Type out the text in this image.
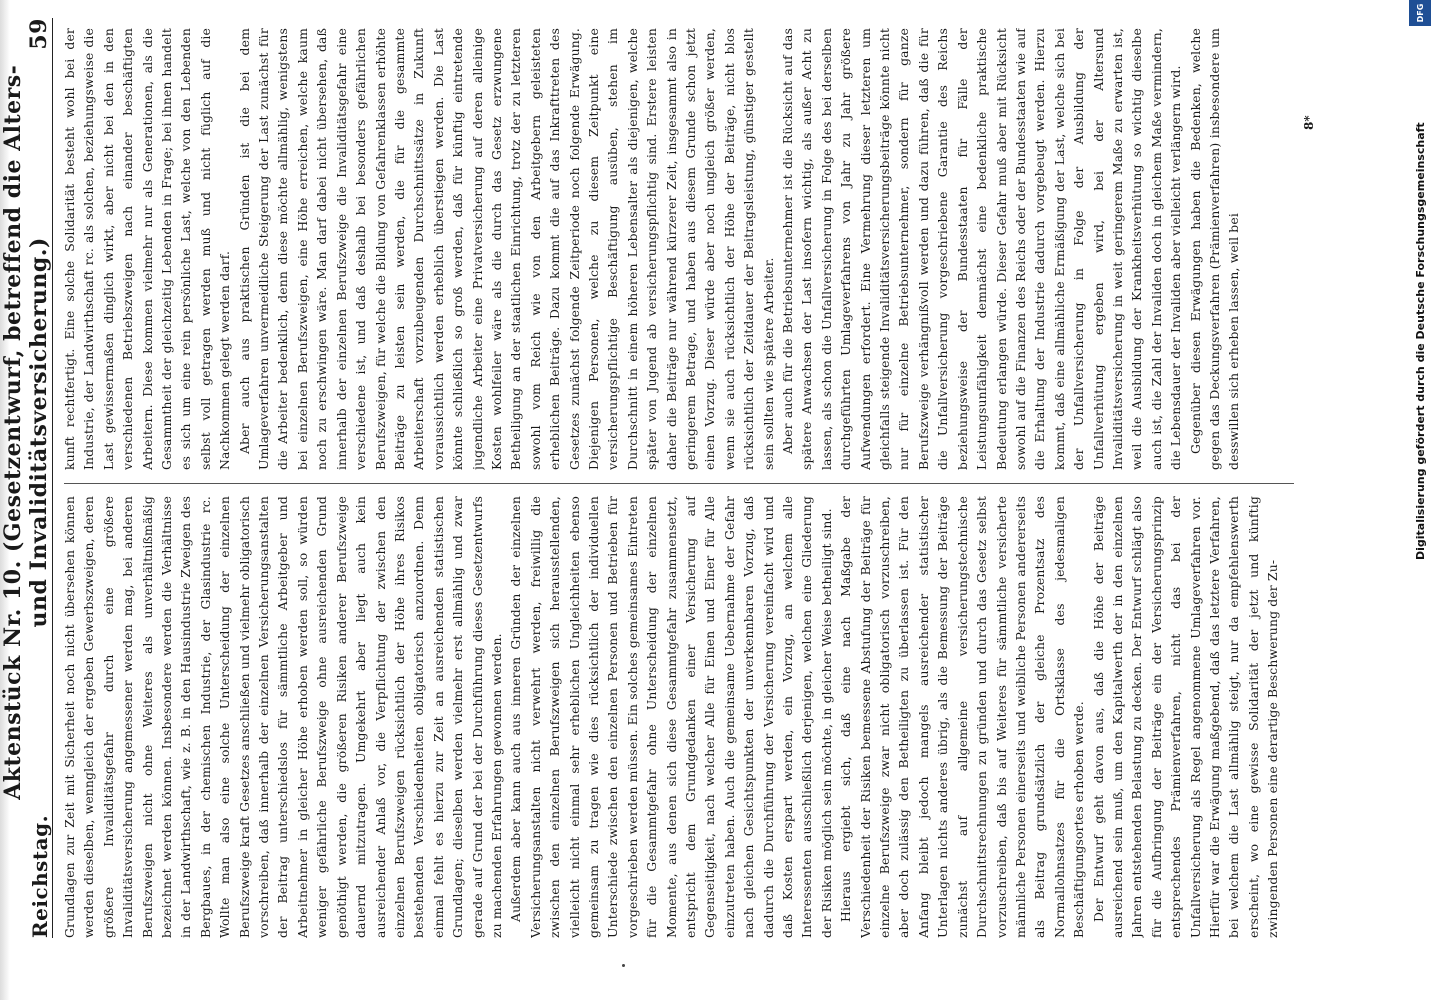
Reichstag.
Aktenstück Nr. 10. (Gesetzentwurf, betreffend die Alters- und Invaliditätsversicherung.)
59

Grundlagen zur Zeit mit Sicherheit noch nicht übersehen können werden dieselben, wenngleich der ergeben Gewerbszweigen, deren größere Invaliditätsgefahr durch eine größere Invaliditätsversicherung angemessener werden mag, bei anderen Berufszweigen nicht ohne Weiteres als unverhältnißmäßig bezeichnet werden können. Insbesondere werden die Verhältnisse in der Landwirthschaft, wie z. B. in den Hausindustrie Zweigen des Bergbaues, in der chemischen Industrie, der Glasindustrie rc. Wollte man also eine solche Unterscheidung der einzelnen Berufszweige kraft Gesetzes anschließen und vielmehr obligatorisch vorschreiben, daß innerhalb der einzelnen Versicherungsanstalten der Beitrag unterschiedslos für sämmtliche Arbeitgeber und Arbeitnehmer in gleicher Höhe erhoben werden soll, so würden weniger gefährliche Berufszweige ohne ausreichenden Grund genöthigt werden, die größeren Risiken anderer Berufszweige dauernd mitzutragen. Umgekehrt aber liegt auch kein ausreichender Anlaß vor, die Verpflichtung der zwischen den einzelnen Berufszweigen rücksichtlich der Höhe ihres Risikos bestehenden Verschiedenheiten obligatorisch anzuordnen. Denn einmal fehlt es hierzu zur Zeit an ausreichenden statistischen Grundlagen; dieselben werden vielmehr erst allmählig und zwar gerade auf Grund der bei der Durchführung dieses Gesetzentwurfs zu machenden Erfahrungen gewonnen werden. Außerdem aber kann auch aus inneren Gründen der einzelnen Versicherungsanstalten nicht verwehrt werden, freiwillig die zwischen den einzelnen Berufszweigen sich herausstellenden, vielleicht nicht einmal sehr erheblichen Ungleichheiten ebenso gemeinsam zu tragen wie dies rücksichtlich der individuellen Unterschiede zwischen den einzelnen Personen und Betrieben für vorgeschrieben werden müssen. Ein solches gemeinsames Eintreten für die Gesammtgefahr ohne Unterscheidung der einzelnen Momente, aus denen sich diese Gesammtgefahr zusammensetzt, entspricht dem Grundgedanken einer Versicherung auf Gegenseitigkeit, nach welcher Alle für Einen und Einer für Alle einzutreten haben. Auch die gemeinsame Uebernahme der Gefahr nach gleichen Gesichtspunkten der unverkennbaren Vorzug, daß dadurch die Durchführung der Versicherung vereinfacht wird und daß Kosten erspart werden, ein Vorzug, an welchem alle Interessenten ausschließlich derjenigen, welchen eine Gliederung der Risiken möglich sein möchte, in gleicher Weise betheiligt sind. Hieraus ergiebt sich, daß eine nach Maßgabe der Verschiedenheit der Risiken bemessene Abstufung der Beiträge für einzelne Berufszweige zwar nicht obligatorisch vorzuschreiben, aber doch zulässig den Betheiligten zu überlassen ist. Für den Anfang bleibt jedoch mangels ausreichender statistischer Unterlagen nichts anderes übrig, als die Bemessung der Beiträge zunächst auf allgemeine versicherungstechnische Durchschnittsrechnungen zu gründen und durch das Gesetz selbst vorzuschreiben, daß bis auf Weiteres für sämmtliche versicherte männliche Personen einerseits und weibliche Personen andererseits als Beitrag grundsätzlich der gleiche Prozentsatz des Normallohnsatzes für die Ortsklasse des jedesmaligen Beschäftigungsortes erhoben werde. Der Entwurf geht davon aus, daß die Höhe der Beiträge ausreichend sein muß, um den Kapitalwerth der in den einzelnen Jahren entstehenden Belastung zu decken. Der Entwurf schlägt also für die Aufbringung der Beiträge ein der Versicherungsprinzip entsprechendes Prämienverfahren, nicht das bei der Unfallversicherung als Regel angenommene Umlageverfahren vor. Hierfür war die Erwägung maßgebend, daß das letztere Verfahren, bei welchem die Last allmählig steigt, nur da empfehlenswerth erscheint, wo eine gewisse Solidarität der jetzt und künftig zwingenden Personen eine derartige Beschwerung der Zu-

kunft rechtfertigt. Eine solche Solidarität besteht wohl bei der Industrie, der Landwirthschaft rc. als solchen, beziehungsweise die Last gewissermaßen dinglich wirkt, aber nicht bei den in den verschiedenen Betriebszweigen nach einander beschäftigten Arbeitern. Diese kommen vielmehr nur als Generationen, als die Gesammtheit der gleichzeitig Lebenden in Frage; bei ihnen handelt es sich um eine rein persönliche Last, welche von den Lebenden selbst voll getragen werden muß und nicht füglich auf die Nachkommen gelegt werden darf. Aber auch aus praktischen Gründen ist die bei dem Umlageverfahren unvermeidliche Steigerung der Last zunächst für die Arbeiter bedenklich, denn diese möchte allmählig, wenigstens bei einzelnen Berufszweigen, eine Höhe erreichen, welche kaum noch zu erschwingen wäre. Man darf dabei nicht übersehen, daß innerhalb der einzelnen Berufszweige die Invaliditätsgefahr eine verschiedene ist, und daß deshalb bei besonders gefährlichen Berufszweigen, für welche die Bildung von Gefahrenklassen erhöhte Beiträge zu leisten sein werden, die für die gesammte Arbeiterschaft vorzubeugenden Durchschnittssätze in Zukunft voraussichtlich werden erheblich überstiegen werden. Die Last könnte schließlich so groß werden, daß für künftig eintretende jugendliche Arbeiter eine Privatversicherung auf deren alleinige Kosten wohlfeiler wäre als die durch das Gesetz erzwungene Betheiligung an der staatlichen Einrichtung, trotz der zu letzteren sowohl vom Reich wie von den Arbeitgebern geleisteten erheblichen Beiträge. Dazu kommt die auf das Inkrafttreten des Gesetzes zunächst folgende Zeitperiode noch folgende Erwägung. Diejenigen Personen, welche zu diesem Zeitpunkt eine versicherungspflichtige Beschäftigung ausüben, stehen im Durchschnitt in einem höheren Lebensalter als diejenigen, welche später von Jugend ab versicherungspflichtig sind. Erstere leisten daher die Beiträge nur während kürzerer Zeit, insgesammt also in geringerem Betrage, und haben aus diesem Grunde schon jetzt einen Vorzug. Dieser würde aber noch ungleich größer werden, wenn sie auch rücksichtlich der Höhe der Beiträge, nicht blos rücksichtlich der Zeitdauer der Beitragsleistung, günstiger gestellt sein sollten wie spätere Arbeiter. Aber auch für die Betriebsunternehmer ist die Rücksicht auf das spätere Anwachsen der Last insofern wichtig, als außer Acht zu lassen, als schon die Unfallversicherung in Folge des bei derselben durchgeführten Umlageverfahrens von Jahr zu Jahr größere Aufwendungen erfordert. Eine Vermehrung dieser letzteren um gleichfalls steigende Invaliditätsversicherungsbeiträge könnte nicht nur für einzelne Betriebsunternehmer, sondern für ganze Berufszweige verhängnißvoll werden und dazu führen, daß die für die Unfallversicherung vorgeschriebene Garantie des Reichs beziehungsweise der Bundesstaaten für Fälle der Leistungsunfähigkeit demnächst eine bedenkliche praktische Bedeutung erlangen würde. Dieser Gefahr muß aber mit Rücksicht sowohl auf die Finanzen des Reichs oder der Bundesstaaten wie auf die Erhaltung der Industrie dadurch vorgebeugt werden. Hierzu kommt, daß eine allmähliche Ermäßigung der Last, welche sich bei der Unfallversicherung in Folge der Ausbildung der Unfallverhütung ergeben wird, bei der Altersund Invaliditätsversicherung in weit geringerem Maße zu erwarten ist, weil die Ausbildung der Krankheitsverhütung so wichtig dieselbe auch ist, die Zahl der Invaliden doch in gleichem Maße vermindern, die Lebensdauer der Invaliden aber vielleicht verlängern wird. Gegenüber diesen Erwägungen haben die Bedenken, welche gegen das Deckungsverfahren (Prämienverfahren) insbesondere um desswillen sich erheben lassen, weil bei

8*	Digitalisierung gefördert durch die Deutsche Forschungsgemeinschaft
DFG
